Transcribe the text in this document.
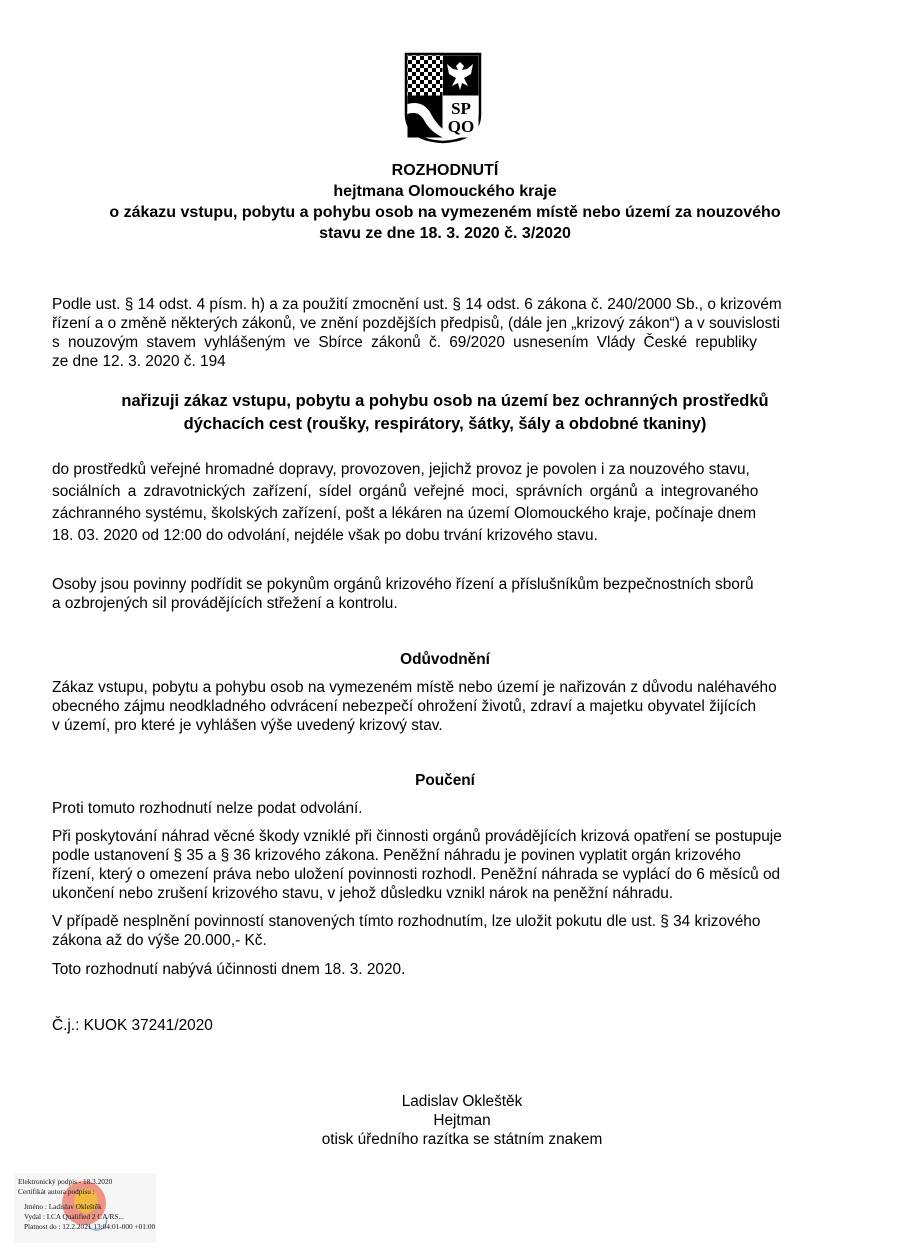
SP
QO
ROZHODNUTÍ
hejtmana Olomouckého kraje
o zákazu vstupu, pobytu a pohybu osob na vymezeném místě nebo území za nouzového
stavu ze dne 18. 3. 2020 č. 3/2020
Podle ust. § 14 odst. 4 písm. h) a za použití zmocnění ust. § 14 odst. 6 zákona č. 240/2000 Sb., o krizovém
řízení a o změně některých zákonů, ve znění pozdějších předpisů, (dále jen „krizový zákon“) a v souvislosti
s nouzovým stavem vyhlášeným ve Sbírce zákonů č. 69/2020 usnesením Vlády České republiky
ze dne 12. 3. 2020 č. 194
nařizuji zákaz vstupu, pobytu a pohybu osob na území bez ochranných prostředků
dýchacích cest (roušky, respirátory, šátky, šály a obdobné tkaniny)
do prostředků veřejné hromadné dopravy, provozoven, jejichž provoz je povolen i za nouzového stavu,
sociálních a zdravotnických zařízení, sídel orgánů veřejné moci, správních orgánů a integrovaného
záchranného systému, školských zařízení, pošt a lékáren na území Olomouckého kraje, počínaje dnem
18. 03. 2020 od 12:00 do odvolání, nejdéle však po dobu trvání krizového stavu.
Osoby jsou povinny podřídit se pokynům orgánů krizového řízení a příslušníkům bezpečnostních sborů
a ozbrojených sil provádějících střežení a kontrolu.
Odůvodnění
Zákaz vstupu, pobytu a pohybu osob na vymezeném místě nebo území je nařizován z důvodu naléhavého
obecného zájmu neodkladného odvrácení nebezpečí ohrožení životů, zdraví a majetku obyvatel žijících
v území, pro které je vyhlášen výše uvedený krizový stav.
Poučení
Proti tomuto rozhodnutí nelze podat odvolání.
Při poskytování náhrad věcné škody vzniklé při činnosti orgánů provádějících krizová opatření se postupuje
podle ustanovení § 35 a § 36 krizového zákona. Peněžní náhradu je povinen vyplatit orgán krizového
řízení, který o omezení práva nebo uložení povinnosti rozhodl. Peněžní náhrada se vyplácí do 6 měsíců od
ukončení nebo zrušení krizového stavu, v jehož důsledku vznikl nárok na peněžní náhradu.
V případě nesplnění povinností stanovených tímto rozhodnutím, lze uložit pokutu dle ust. § 34 krizového
zákona až do výše 20.000,- Kč.
Toto rozhodnutí nabývá účinnosti dnem 18. 3. 2020.
Č.j.: KUOK 37241/2020
Ladislav Okleštěk
Hejtman
otisk úředního razítka se státním znakem
Elektronický podpis - 18.3.2020
Certifikát autora podpisu :
Jméno : Ladislav Okleštěk
Vydal : I.CA Qualified 2 CA/RS...
Platnost do : 12.2.2021 13:04:01-000 +01:00
